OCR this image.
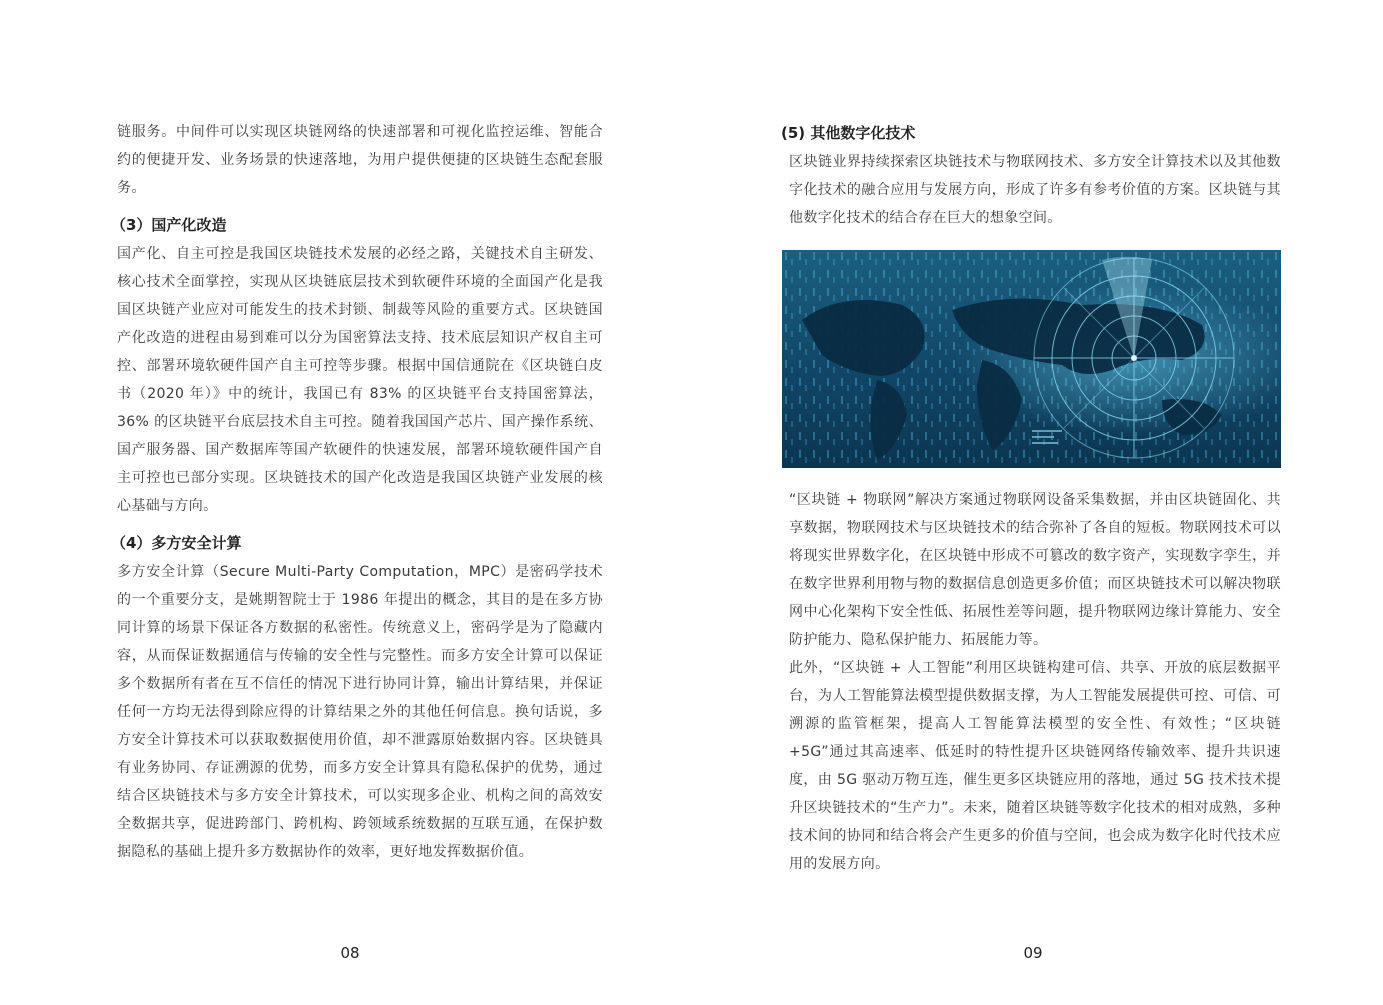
链服务。中间件可以实现区块链网络的快速部署和可视化监控运维、智能合约的便捷开发、业务场景的快速落地，为用户提供便捷的区块链生态配套服务。

（3）国产化改造

国产化、自主可控是我国区块链技术发展的必经之路，关键技术自主研发、核心技术全面掌控，实现从区块链底层技术到软硬件环境的全面国产化是我国区块链产业应对可能发生的技术封锁、制裁等风险的重要方式。区块链国产化改造的进程由易到难可以分为国密算法支持、技术底层知识产权自主可控、部署环境软硬件国产自主可控等步骤。根据中国信通院在《区块链白皮书（2020 年）》中的统计，我国已有 83% 的区块链平台支持国密算法，36% 的区块链平台底层技术自主可控。随着我国国产芯片、国产操作系统、国产服务器、国产数据库等国产软硬件的快速发展，部署环境软硬件国产自主可控也已部分实现。区块链技术的国产化改造是我国区块链产业发展的核心基础与方向。

（4）多方安全计算

多方安全计算（Secure Multi-Party Computation，MPC）是密码学技术的一个重要分支，是姚期智院士于 1986 年提出的概念，其目的是在多方协同计算的场景下保证各方数据的私密性。传统意义上，密码学是为了隐藏内容，从而保证数据通信与传输的安全性与完整性。而多方安全计算可以保证多个数据所有者在互不信任的情况下进行协同计算，输出计算结果，并保证任何一方均无法得到除应得的计算结果之外的其他任何信息。换句话说，多方安全计算技术可以获取数据使用价值，却不泄露原始数据内容。区块链具有业务协同、存证溯源的优势，而多方安全计算具有隐私保护的优势，通过结合区块链技术与多方安全计算技术，可以实现多企业、机构之间的高效安全数据共享，促进跨部门、跨机构、跨领域系统数据的互联互通，在保护数据隐私的基础上提升多方数据协作的效率，更好地发挥数据价值。

08
(5) 其他数字化技术

区块链业界持续探索区块链技术与物联网技术、多方安全计算技术以及其他数字化技术的融合应用与发展方向，形成了许多有参考价值的方案。区块链与其他数字化技术的结合存在巨大的想象空间。

“区块链 + 物联网”解决方案通过物联网设备采集数据，并由区块链固化、共享数据，物联网技术与区块链技术的结合弥补了各自的短板。物联网技术可以将现实世界数字化，在区块链中形成不可篡改的数字资产，实现数字孪生，并在数字世界利用物与物的数据信息创造更多价值；而区块链技术可以解决物联网中心化架构下安全性低、拓展性差等问题，提升物联网边缘计算能力、安全防护能力、隐私保护能力、拓展能力等。

此外，“区块链 + 人工智能”利用区块链构建可信、共享、开放的底层数据平台，为人工智能算法模型提供数据支撑，为人工智能发展提供可控、可信、可溯源的监管框架，提高人工智能算法模型的安全性、有效性；“区块链 +5G”通过其高速率、低延时的特性提升区块链网络传输效率、提升共识速度，由 5G 驱动万物互连，催生更多区块链应用的落地，通过 5G 技术技术提升区块链技术的“生产力”。未来，随着区块链等数字化技术的相对成熟，多种技术间的协同和结合将会产生更多的价值与空间，也会成为数字化时代技术应用的发展方向。

09
